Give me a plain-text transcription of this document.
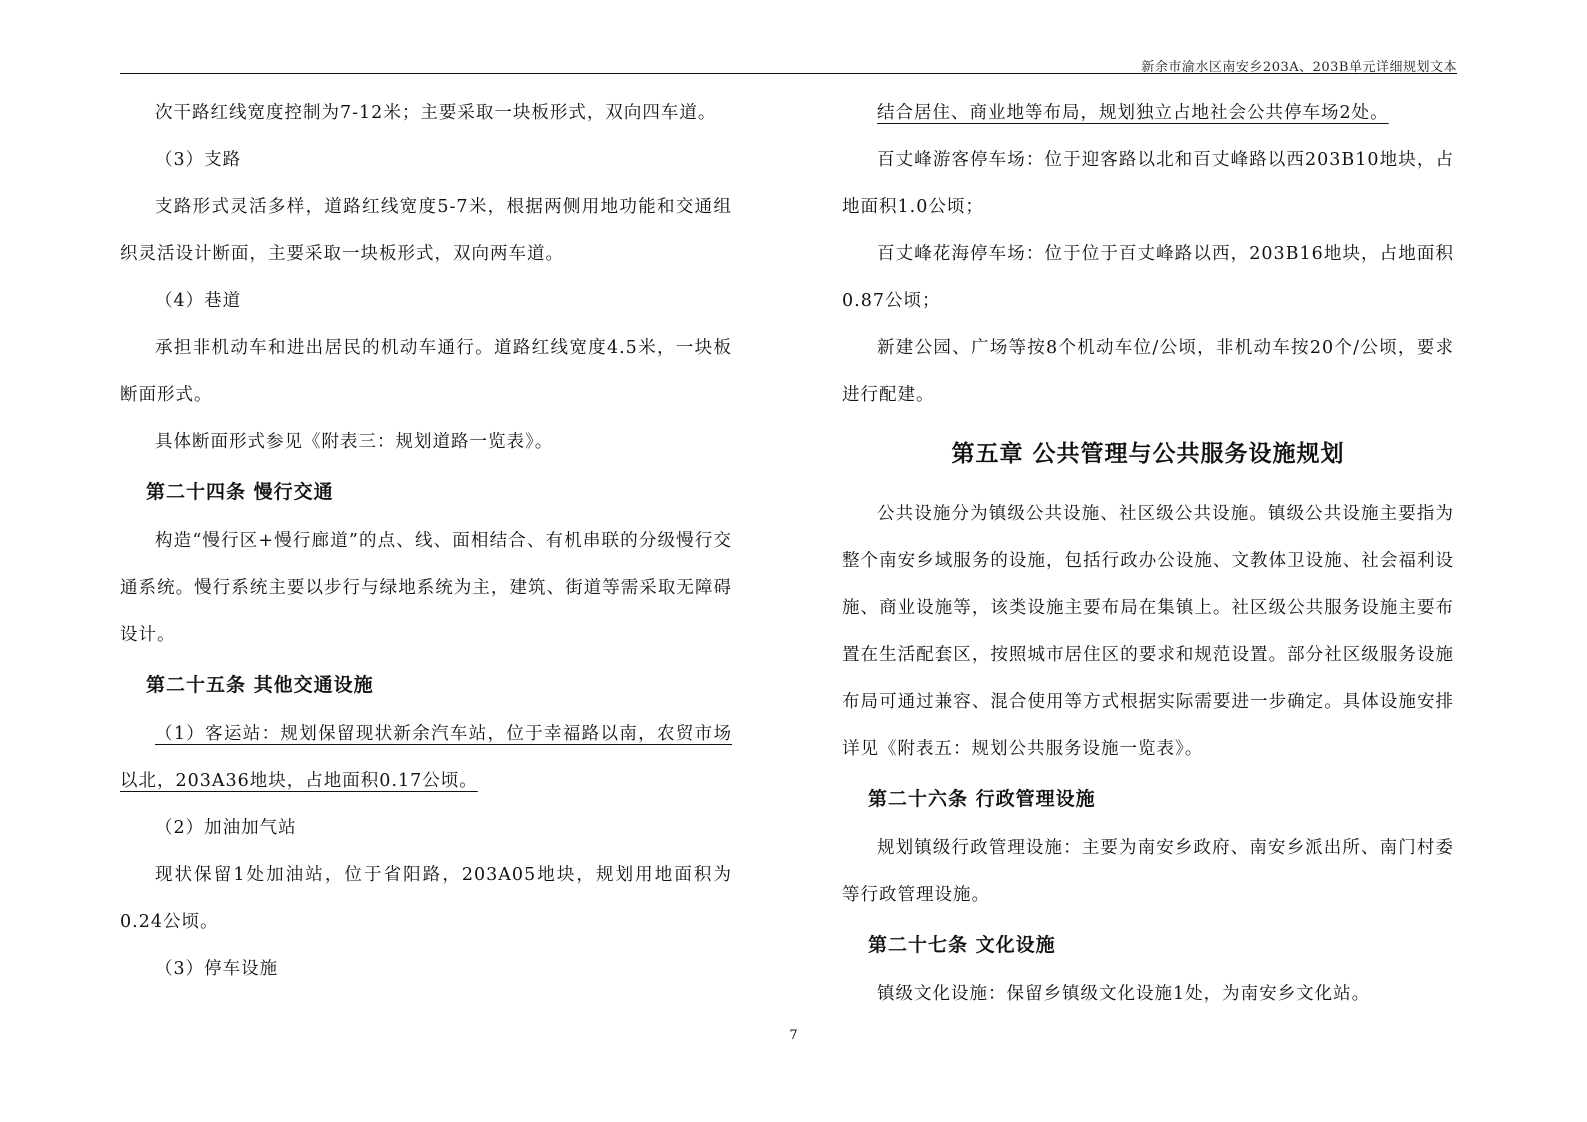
新余市渝水区南安乡203A、203B单元详细规划文本

次干路红线宽度控制为7-12米；主要采取一块板形式，双向四车道。

（3）支路

支路形式灵活多样，道路红线宽度5-7米，根据两侧用地功能和交通组织灵活设计断面，主要采取一块板形式，双向两车道。

（4）巷道

承担非机动车和进出居民的机动车通行。道路红线宽度4.5米，一块板断面形式。

具体断面形式参见《附表三：规划道路一览表》。

第二十四条 慢行交通

构造“慢行区+慢行廊道”的点、线、面相结合、有机串联的分级慢行交通系统。慢行系统主要以步行与绿地系统为主，建筑、街道等需采取无障碍设计。

第二十五条 其他交通设施

（1）客运站：规划保留现状新余汽车站，位于幸福路以南，农贸市场以北，203A36地块，占地面积0.17公顷。

（2）加油加气站

现状保留1处加油站，位于省阳路，203A05地块，规划用地面积为0.24公顷。

（3）停车设施

结合居住、商业地等布局，规划独立占地社会公共停车场2处。

百丈峰游客停车场：位于迎客路以北和百丈峰路以西203B10地块，占地面积1.0公顷；

百丈峰花海停车场：位于位于百丈峰路以西，203B16地块，占地面积0.87公顷；

新建公园、广场等按8个机动车位/公顷，非机动车按20个/公顷，要求进行配建。

第五章 公共管理与公共服务设施规划

公共设施分为镇级公共设施、社区级公共设施。镇级公共设施主要指为整个南安乡域服务的设施，包括行政办公设施、文教体卫设施、社会福利设施、商业设施等，该类设施主要布局在集镇上。社区级公共服务设施主要布置在生活配套区，按照城市居住区的要求和规范设置。部分社区级服务设施布局可通过兼容、混合使用等方式根据实际需要进一步确定。具体设施安排详见《附表五：规划公共服务设施一览表》。

第二十六条 行政管理设施

规划镇级行政管理设施：主要为南安乡政府、南安乡派出所、南门村委等行政管理设施。

第二十七条 文化设施

镇级文化设施：保留乡镇级文化设施1处，为南安乡文化站。

7
